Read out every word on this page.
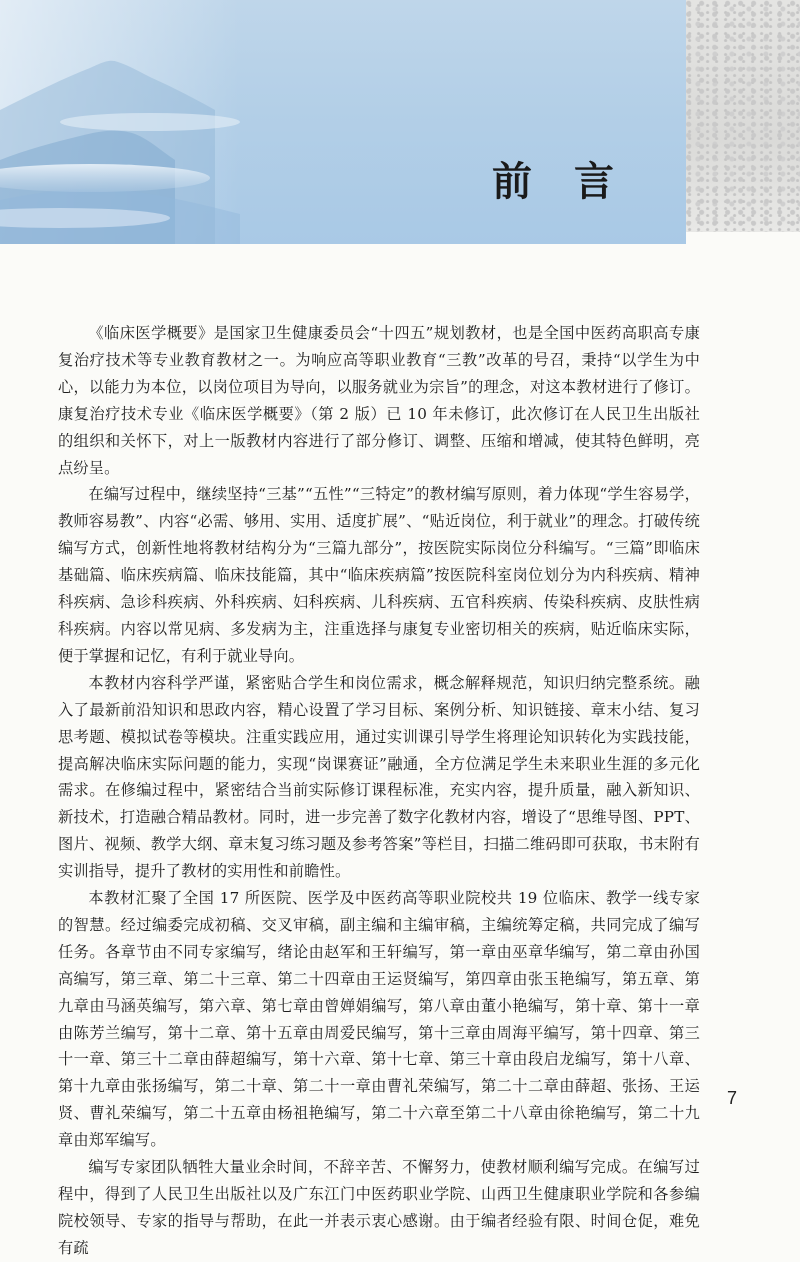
前言

《临床医学概要》是国家卫生健康委员会“十四五”规划教材，也是全国中医药高职高专康复治疗技术等专业教育教材之一。为响应高等职业教育“三教”改革的号召，秉持“以学生为中心，以能力为本位，以岗位项目为导向，以服务就业为宗旨”的理念，对这本教材进行了修订。康复治疗技术专业《临床医学概要》（第 2 版）已 10 年未修订，此次修订在人民卫生出版社的组织和关怀下，对上一版教材内容进行了部分修订、调整、压缩和增减，使其特色鲜明，亮点纷呈。

在编写过程中，继续坚持“三基”“五性”“三特定”的教材编写原则，着力体现“学生容易学，教师容易教”、内容“必需、够用、实用、适度扩展”、“贴近岗位，利于就业”的理念。打破传统编写方式，创新性地将教材结构分为“三篇九部分”，按医院实际岗位分科编写。“三篇”即临床基础篇、临床疾病篇、临床技能篇，其中“临床疾病篇”按医院科室岗位划分为内科疾病、精神科疾病、急诊科疾病、外科疾病、妇科疾病、儿科疾病、五官科疾病、传染科疾病、皮肤性病科疾病。内容以常见病、多发病为主，注重选择与康复专业密切相关的疾病，贴近临床实际，便于掌握和记忆，有利于就业导向。

本教材内容科学严谨，紧密贴合学生和岗位需求，概念解释规范，知识归纳完整系统。融入了最新前沿知识和思政内容，精心设置了学习目标、案例分析、知识链接、章末小结、复习思考题、模拟试卷等模块。注重实践应用，通过实训课引导学生将理论知识转化为实践技能，提高解决临床实际问题的能力，实现“岗课赛证”融通，全方位满足学生未来职业生涯的多元化需求。在修编过程中，紧密结合当前实际修订课程标准，充实内容，提升质量，融入新知识、新技术，打造融合精品教材。同时，进一步完善了数字化教材内容，增设了“思维导图、PPT、图片、视频、教学大纲、章末复习练习题及参考答案”等栏目，扫描二维码即可获取，书末附有实训指导，提升了教材的实用性和前瞻性。

本教材汇聚了全国 17 所医院、医学及中医药高等职业院校共 19 位临床、教学一线专家的智慧。经过编委完成初稿、交叉审稿，副主编和主编审稿，主编统筹定稿，共同完成了编写任务。各章节由不同专家编写，绪论由赵军和王轩编写，第一章由巫章华编写，第二章由孙国高编写，第三章、第二十三章、第二十四章由王运贤编写，第四章由张玉艳编写，第五章、第九章由马涵英编写，第六章、第七章由曾婵娟编写，第八章由董小艳编写，第十章、第十一章由陈芳兰编写，第十二章、第十五章由周爱民编写，第十三章由周海平编写，第十四章、第三十一章、第三十二章由薛超编写，第十六章、第十七章、第三十章由段启龙编写，第十八章、第十九章由张扬编写，第二十章、第二十一章由曹礼荣编写，第二十二章由薛超、张扬、王运贤、曹礼荣编写，第二十五章由杨祖艳编写，第二十六章至第二十八章由徐艳编写，第二十九章由郑军编写。

编写专家团队牺牲大量业余时间，不辞辛苦、不懈努力，使教材顺利编写完成。在编写过程中，得到了人民卫生出版社以及广东江门中医药职业学院、山西卫生健康职业学院和各参编院校领导、专家的指导与帮助，在此一并表示衷心感谢。由于编者经验有限、时间仓促，难免有疏

7
